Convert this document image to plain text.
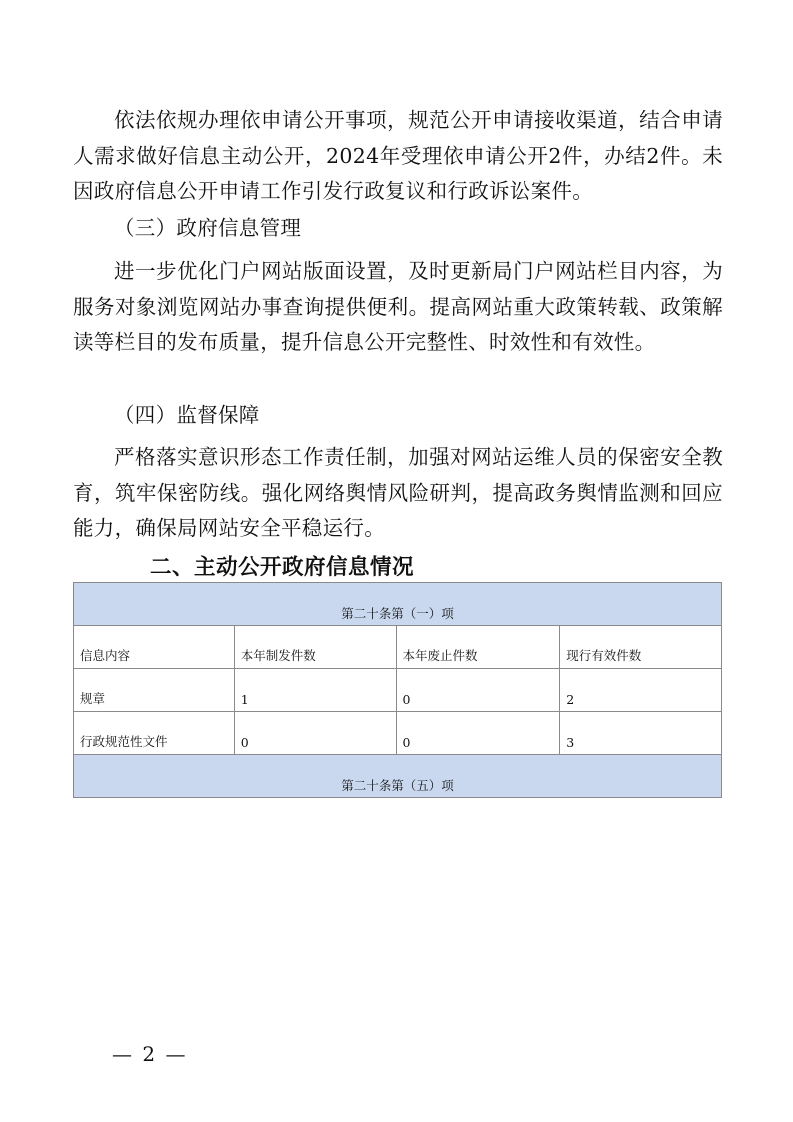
依法依规办理依申请公开事项，规范公开申请接收渠道，结合申请人需求做好信息主动公开，2024年受理依申请公开2件，办结2件。未因政府信息公开申请工作引发行政复议和行政诉讼案件。

（三）政府信息管理

进一步优化门户网站版面设置，及时更新局门户网站栏目内容，为服务对象浏览网站办事查询提供便利。提高网站重大政策转载、政策解读等栏目的发布质量，提升信息公开完整性、时效性和有效性。

（四）监督保障

严格落实意识形态工作责任制，加强对网站运维人员的保密安全教育，筑牢保密防线。强化网络舆情风险研判，提高政务舆情监测和回应能力，确保局网站安全平稳运行。

二、主动公开政府信息情况
第二十条第（一）项			
信息内容	本年制发件数	本年废止件数	现行有效件数
规章	1	0	2
行政规范性文件	0	0	3
第二十条第（五）项			
— 2 —
